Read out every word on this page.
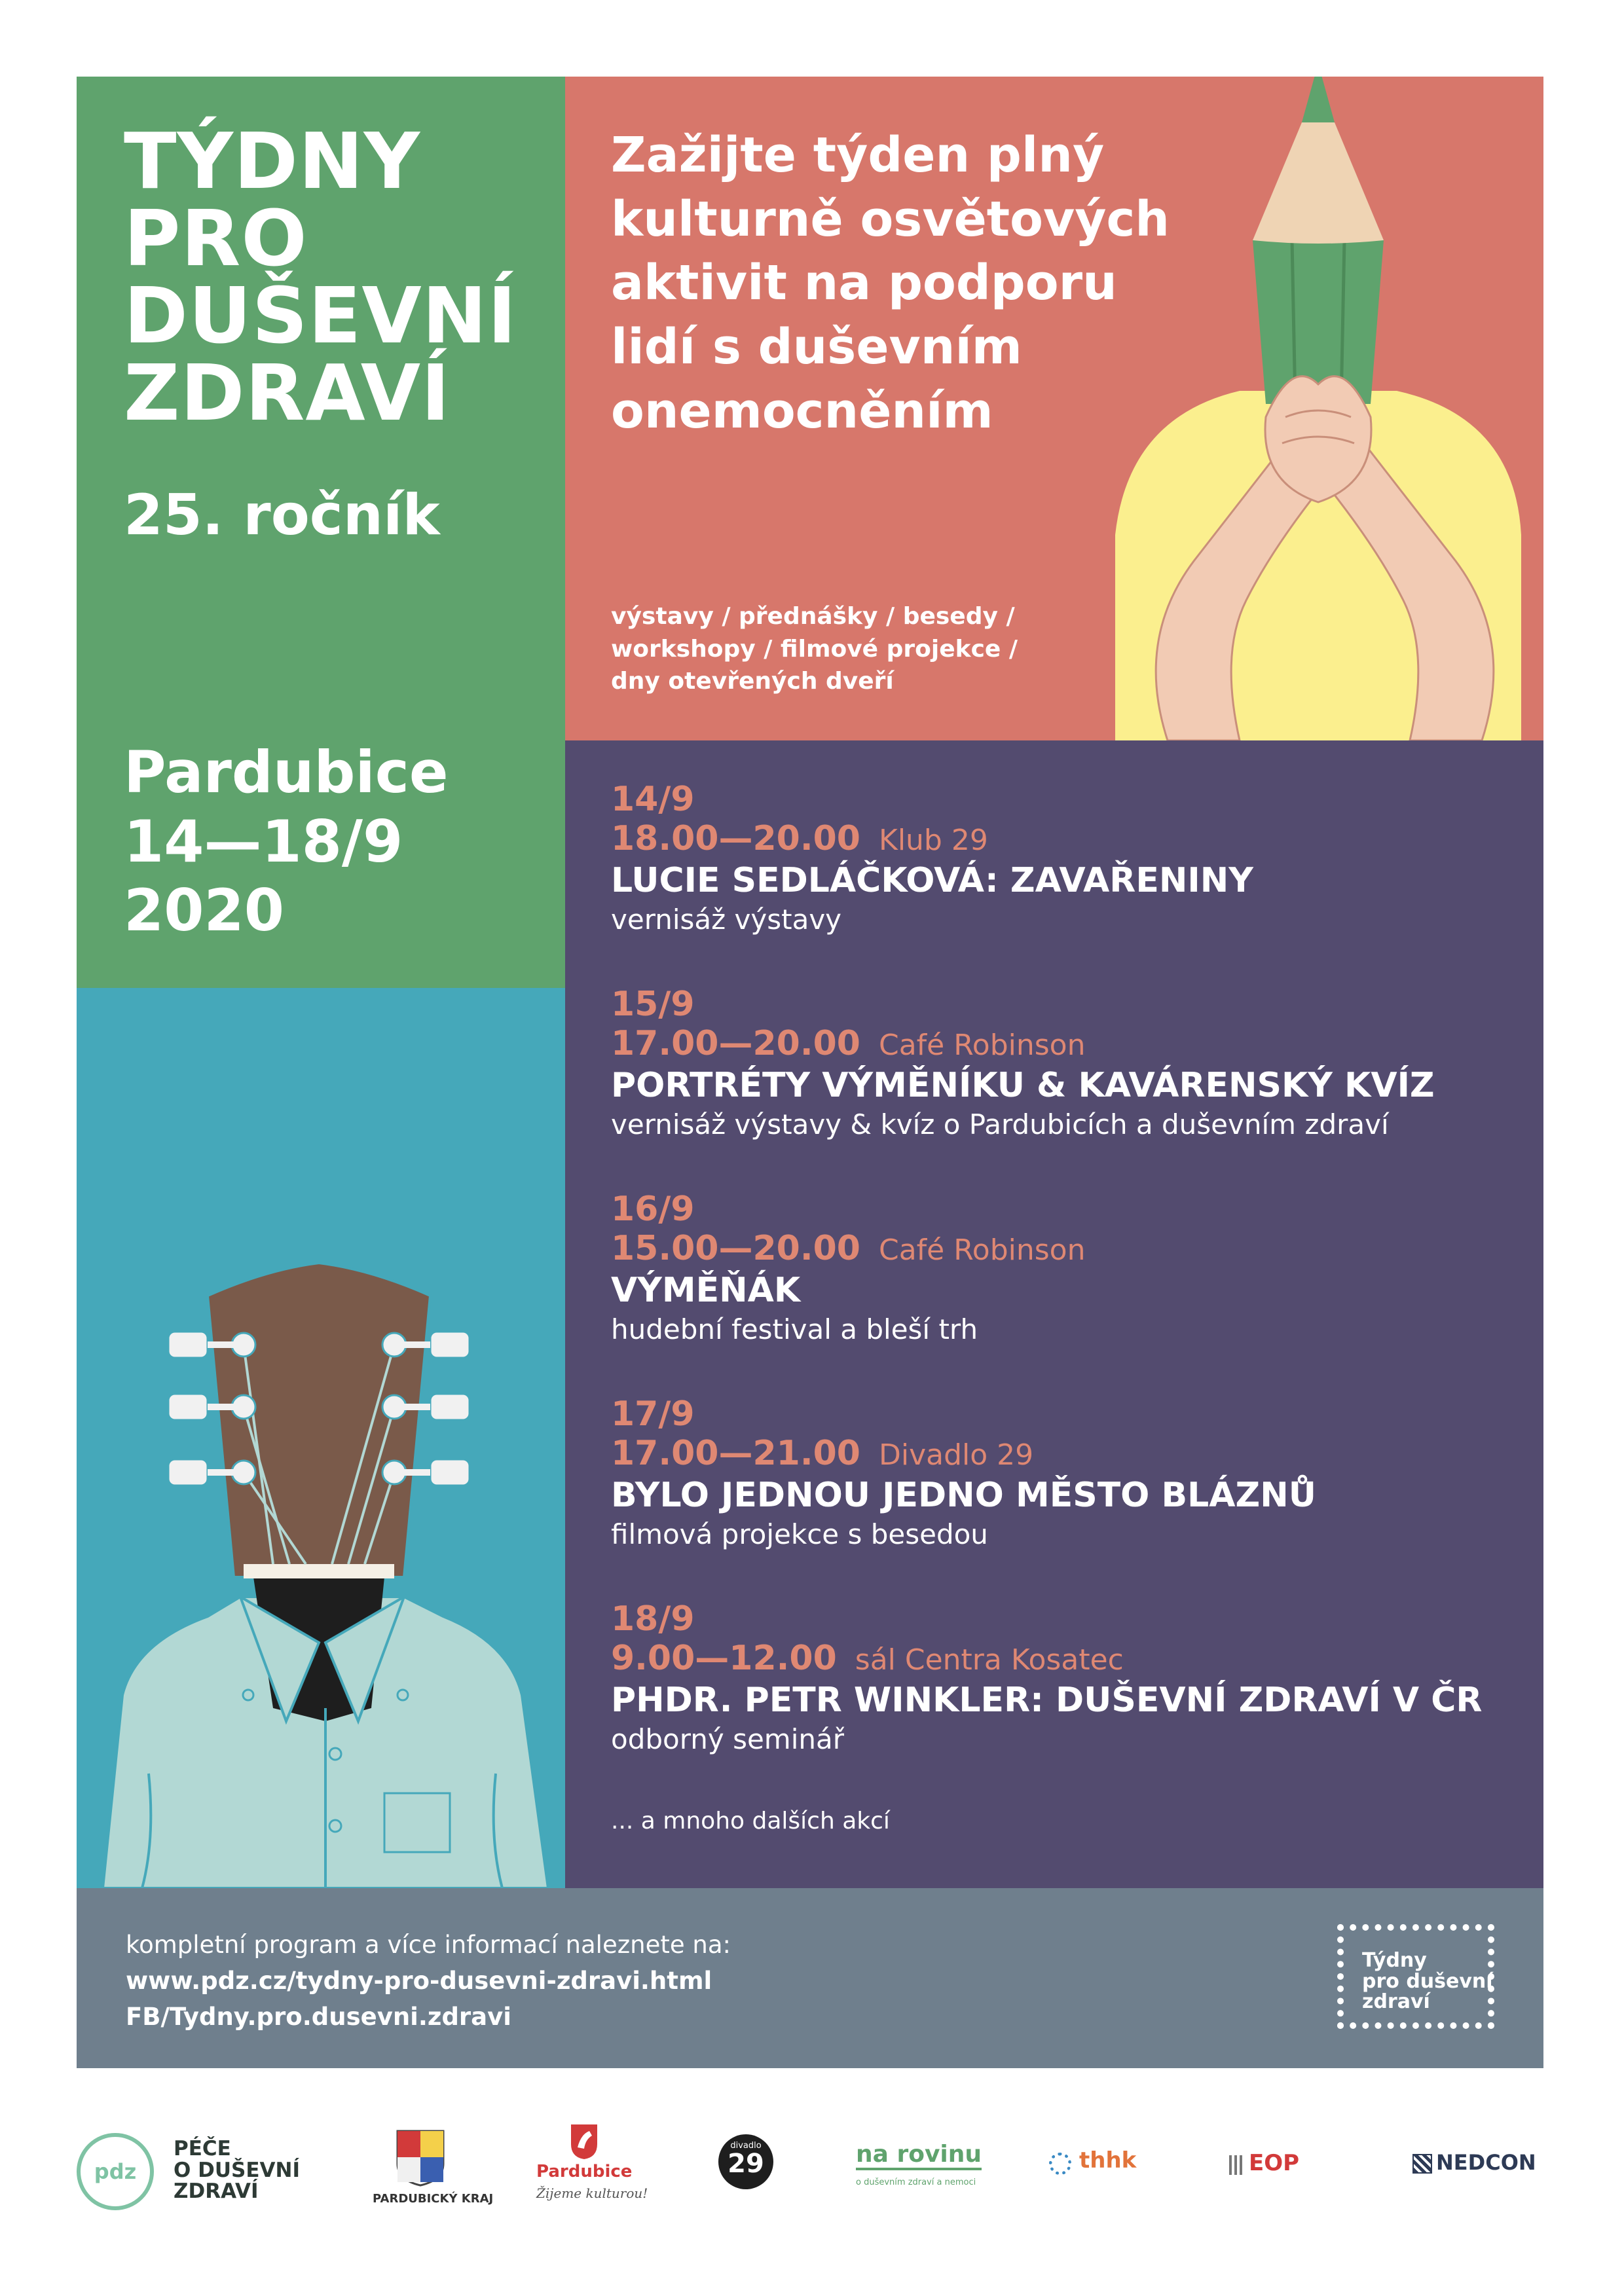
TÝDNY
PRO
DUŠEVNÍ
ZDRAVÍ
25. ročník
Pardubice
14—18/9
2020
Zažijte týden plný
kulturně osvětových
aktivit na podporu
lidí s duševním
onemocněním
výstavy / přednášky / besedy /
workshopy / filmové projekce /
dny otevřených dveří
14/9
18.00—20.00 Klub 29
LUCIE SEDLÁČKOVÁ: ZAVAŘENINY
vernisáž výstavy
15/9
17.00—20.00 Café Robinson
PORTRÉTY VÝMĚNÍKU & KAVÁRENSKÝ KVÍZ
vernisáž výstavy & kvíz o Pardubicích a duševním zdraví
16/9
15.00—20.00 Café Robinson
VÝMĚŇÁK
hudební festival a bleší trh
17/9
17.00—21.00 Divadlo 29
BYLO JEDNOU JEDNO MĚSTO BLÁZNŮ
filmová projekce s besedou
18/9
9.00—12.00 sál Centra Kosatec
PHDR. PETR WINKLER: DUŠEVNÍ ZDRAVÍ V ČR
odborný seminář
... a mnoho dalších akcí
kompletní program a více informací naleznete na:
www.pdz.cz/tydny-pro-dusevni-zdravi.html
FB/Tydny.pro.dusevni.zdravi
Týdny
pro duševní
zdraví
pdz
PÉČE
O DUŠEVNÍ
ZDRAVÍ	PARDUBICKÝ KRAJ
Pardubice
Žijeme kulturou!
divadlo
29	na rovinu
o duševním zdraví a nemoci
thhk	EOP	NEDCON
